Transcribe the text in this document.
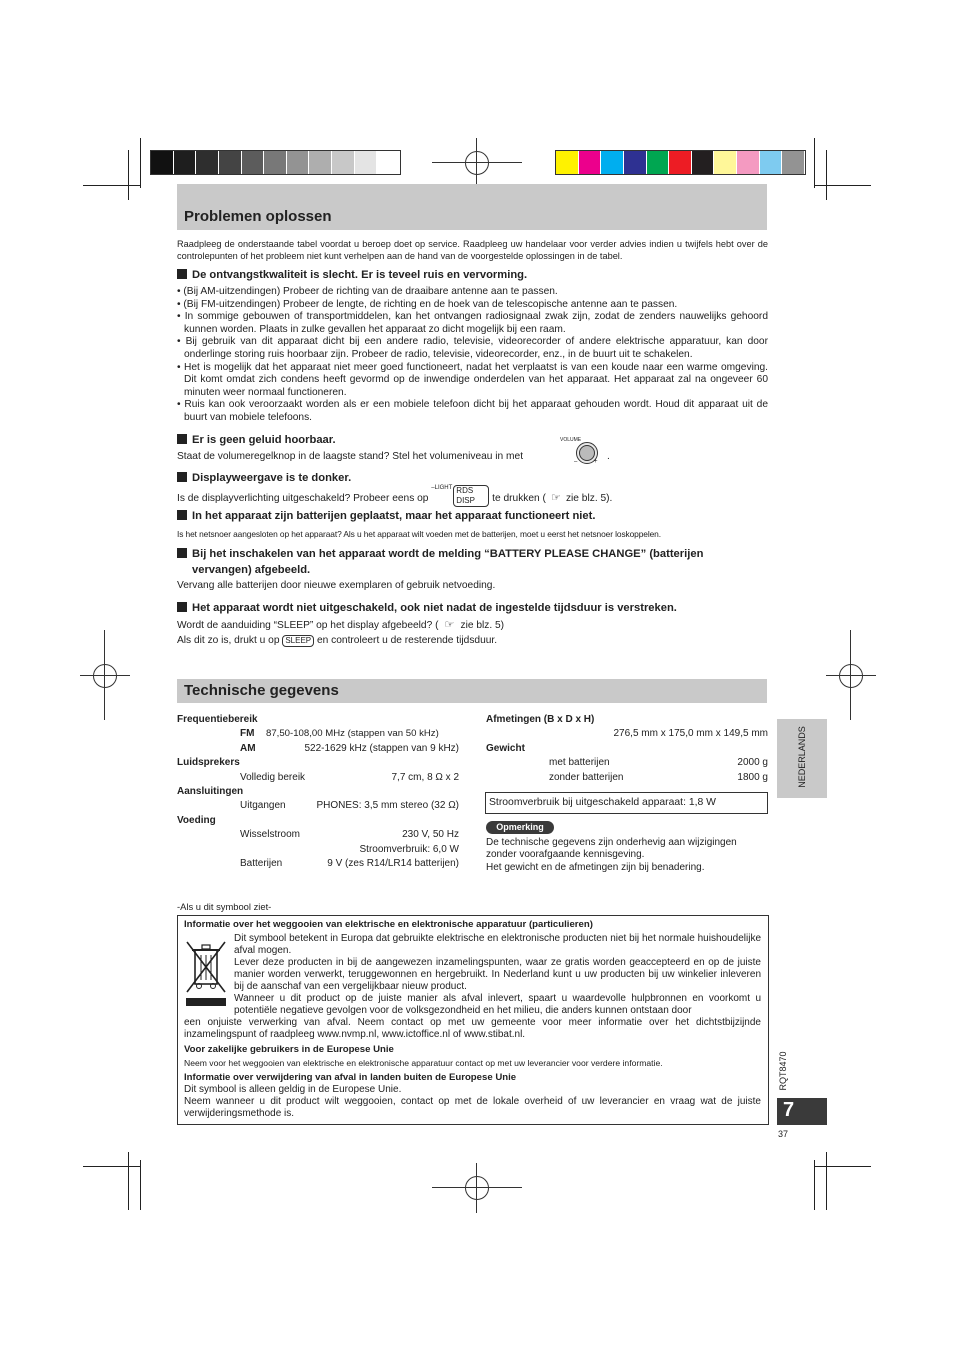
Problemen oplossen
Raadpleeg de onderstaande tabel voordat u beroep doet op service. Raadpleeg uw handelaar voor verder advies indien u twijfels hebt over de controlepunten of het probleem niet kunt verhelpen aan de hand van de voorgestelde oplossingen in de tabel.
De ontvangstkwaliteit is slecht. Er is teveel ruis en vervorming.
• (Bij AM-uitzendingen) Probeer de richting van de draaibare antenne aan te passen.
• (Bij FM-uitzendingen) Probeer de lengte, de richting en de hoek van de telescopische antenne aan te passen.
• In sommige gebouwen of transportmiddelen, kan het ontvangen radiosignaal zwak zijn, zodat de zenders nauwelijks gehoord kunnen worden. Plaats in zulke gevallen het apparaat zo dicht mogelijk bij een raam.
• Bij gebruik van dit apparaat dicht bij een andere radio, televisie, videorecorder of andere elektrische apparatuur, kan door onderlinge storing ruis hoorbaar zijn. Probeer de radio, televisie, videorecorder, enz., in de buurt uit te schakelen.
• Het is mogelijk dat het apparaat niet meer goed functioneert, nadat het verplaatst is van een koude naar een warme omgeving. Dit komt omdat zich condens heeft gevormd op de inwendige onderdelen van het apparaat. Het apparaat zal na ongeveer 60 minuten weer normaal functioneren.
• Ruis kan ook veroorzaakt worden als er een mobiele telefoon dicht bij het apparaat gehouden wordt. Houd dit apparaat uit de buurt van mobiele telefoons.
Er is geen geluid hoorbaar.
Staat de volumeregelknop in de laagste stand? Stel het volumeniveau in met
VOLUME
–	+ .
Displayweergave is te donker.
Is de displayverlichting uitgeschakeld? Probeer eens op
–LIGHT RDS DISP	te drukken ( ☞ zie blz. 5).
In het apparaat zijn batterijen geplaatst, maar het apparaat functioneert niet.
Is het netsnoer aangesloten op het apparaat? Als u het apparaat wilt voeden met de batterijen, moet u eerst het netsnoer loskoppelen.
Bij het inschakelen van het apparaat wordt de melding “BATTERY PLEASE CHANGE” (batterijen
vervangen) afgebeeld.
Vervang alle batterijen door nieuwe exemplaren of gebruik netvoeding.
Het apparaat wordt niet uitgeschakeld, ook niet nadat de ingestelde tijdsduur is verstreken.
Wordt de aanduiding “SLEEP” op het display afgebeeld? ( ☞ zie blz. 5)
Als dit zo is, drukt u op SLEEP en controleert u de resterende tijdsduur.
Technische gegevens
Frequentiebereik
FM 87,50-108,00 MHz (stappen van 50 kHz)
AM	522-1629 kHz (stappen van 9 kHz)
Luidsprekers
Volledig bereik	7,7 cm, 8 Ω x 2
Aansluitingen
Uitgangen	PHONES: 3,5 mm stereo (32 Ω)
Voeding
Wisselstroom	230 V, 50 Hz
Stroomverbruik: 6,0 W
Batterijen	9 V (zes R14/LR14 batterijen)
Afmetingen (B x D x H)
276,5 mm x 175,0 mm x 149,5 mm
Gewicht
met batterijen	2000 g
zonder batterijen	1800 g
Stroomverbruik bij uitgeschakeld apparaat: 1,8 W
Opmerking
De technische gegevens zijn onderhevig aan wijzigingen zonder voorafgaande kennisgeving.
Het gewicht en de afmetingen zijn bij benadering.
-Als u dit symbool ziet-
Informatie over het weggooien van elektrische en elektronische apparatuur (particulieren)
Dit symbool betekent in Europa dat gebruikte elektrische en elektronische producten niet bij het normale huishoudelijke afval mogen.
Lever deze producten in bij de aangewezen inzamelingspunten, waar ze gratis worden geaccepteerd en op de juiste manier worden verwerkt, teruggewonnen en hergebruikt. In Nederland kunt u uw producten bij uw winkelier inleveren bij de aanschaf van een vergelijkbaar nieuw product.
Wanneer u dit product op de juiste manier als afval inlevert, spaart u waardevolle hulpbronnen en voorkomt u potentiële negatieve gevolgen voor de volksgezondheid en het milieu, die anders kunnen ontstaan door
een onjuiste verwerking van afval. Neem contact op met uw gemeente voor meer informatie over het dichtstbijzijnde inzamelingspunt of raadpleeg www.nvmp.nl, www.ictoffice.nl of www.stibat.nl.
Voor zakelijke gebruikers in de Europese Unie
Neem voor het weggooien van elektrische en elektronische apparatuur contact op met uw leverancier voor verdere informatie.
Informatie over verwijdering van afval in landen buiten de Europese Unie
Dit symbool is alleen geldig in de Europese Unie.
Neem wanneer u dit product wilt weggooien, contact op met de lokale overheid of uw leverancier en vraag wat de juiste verwijderingsmethode is.
NEDERLANDS
RQT8470
7
37
